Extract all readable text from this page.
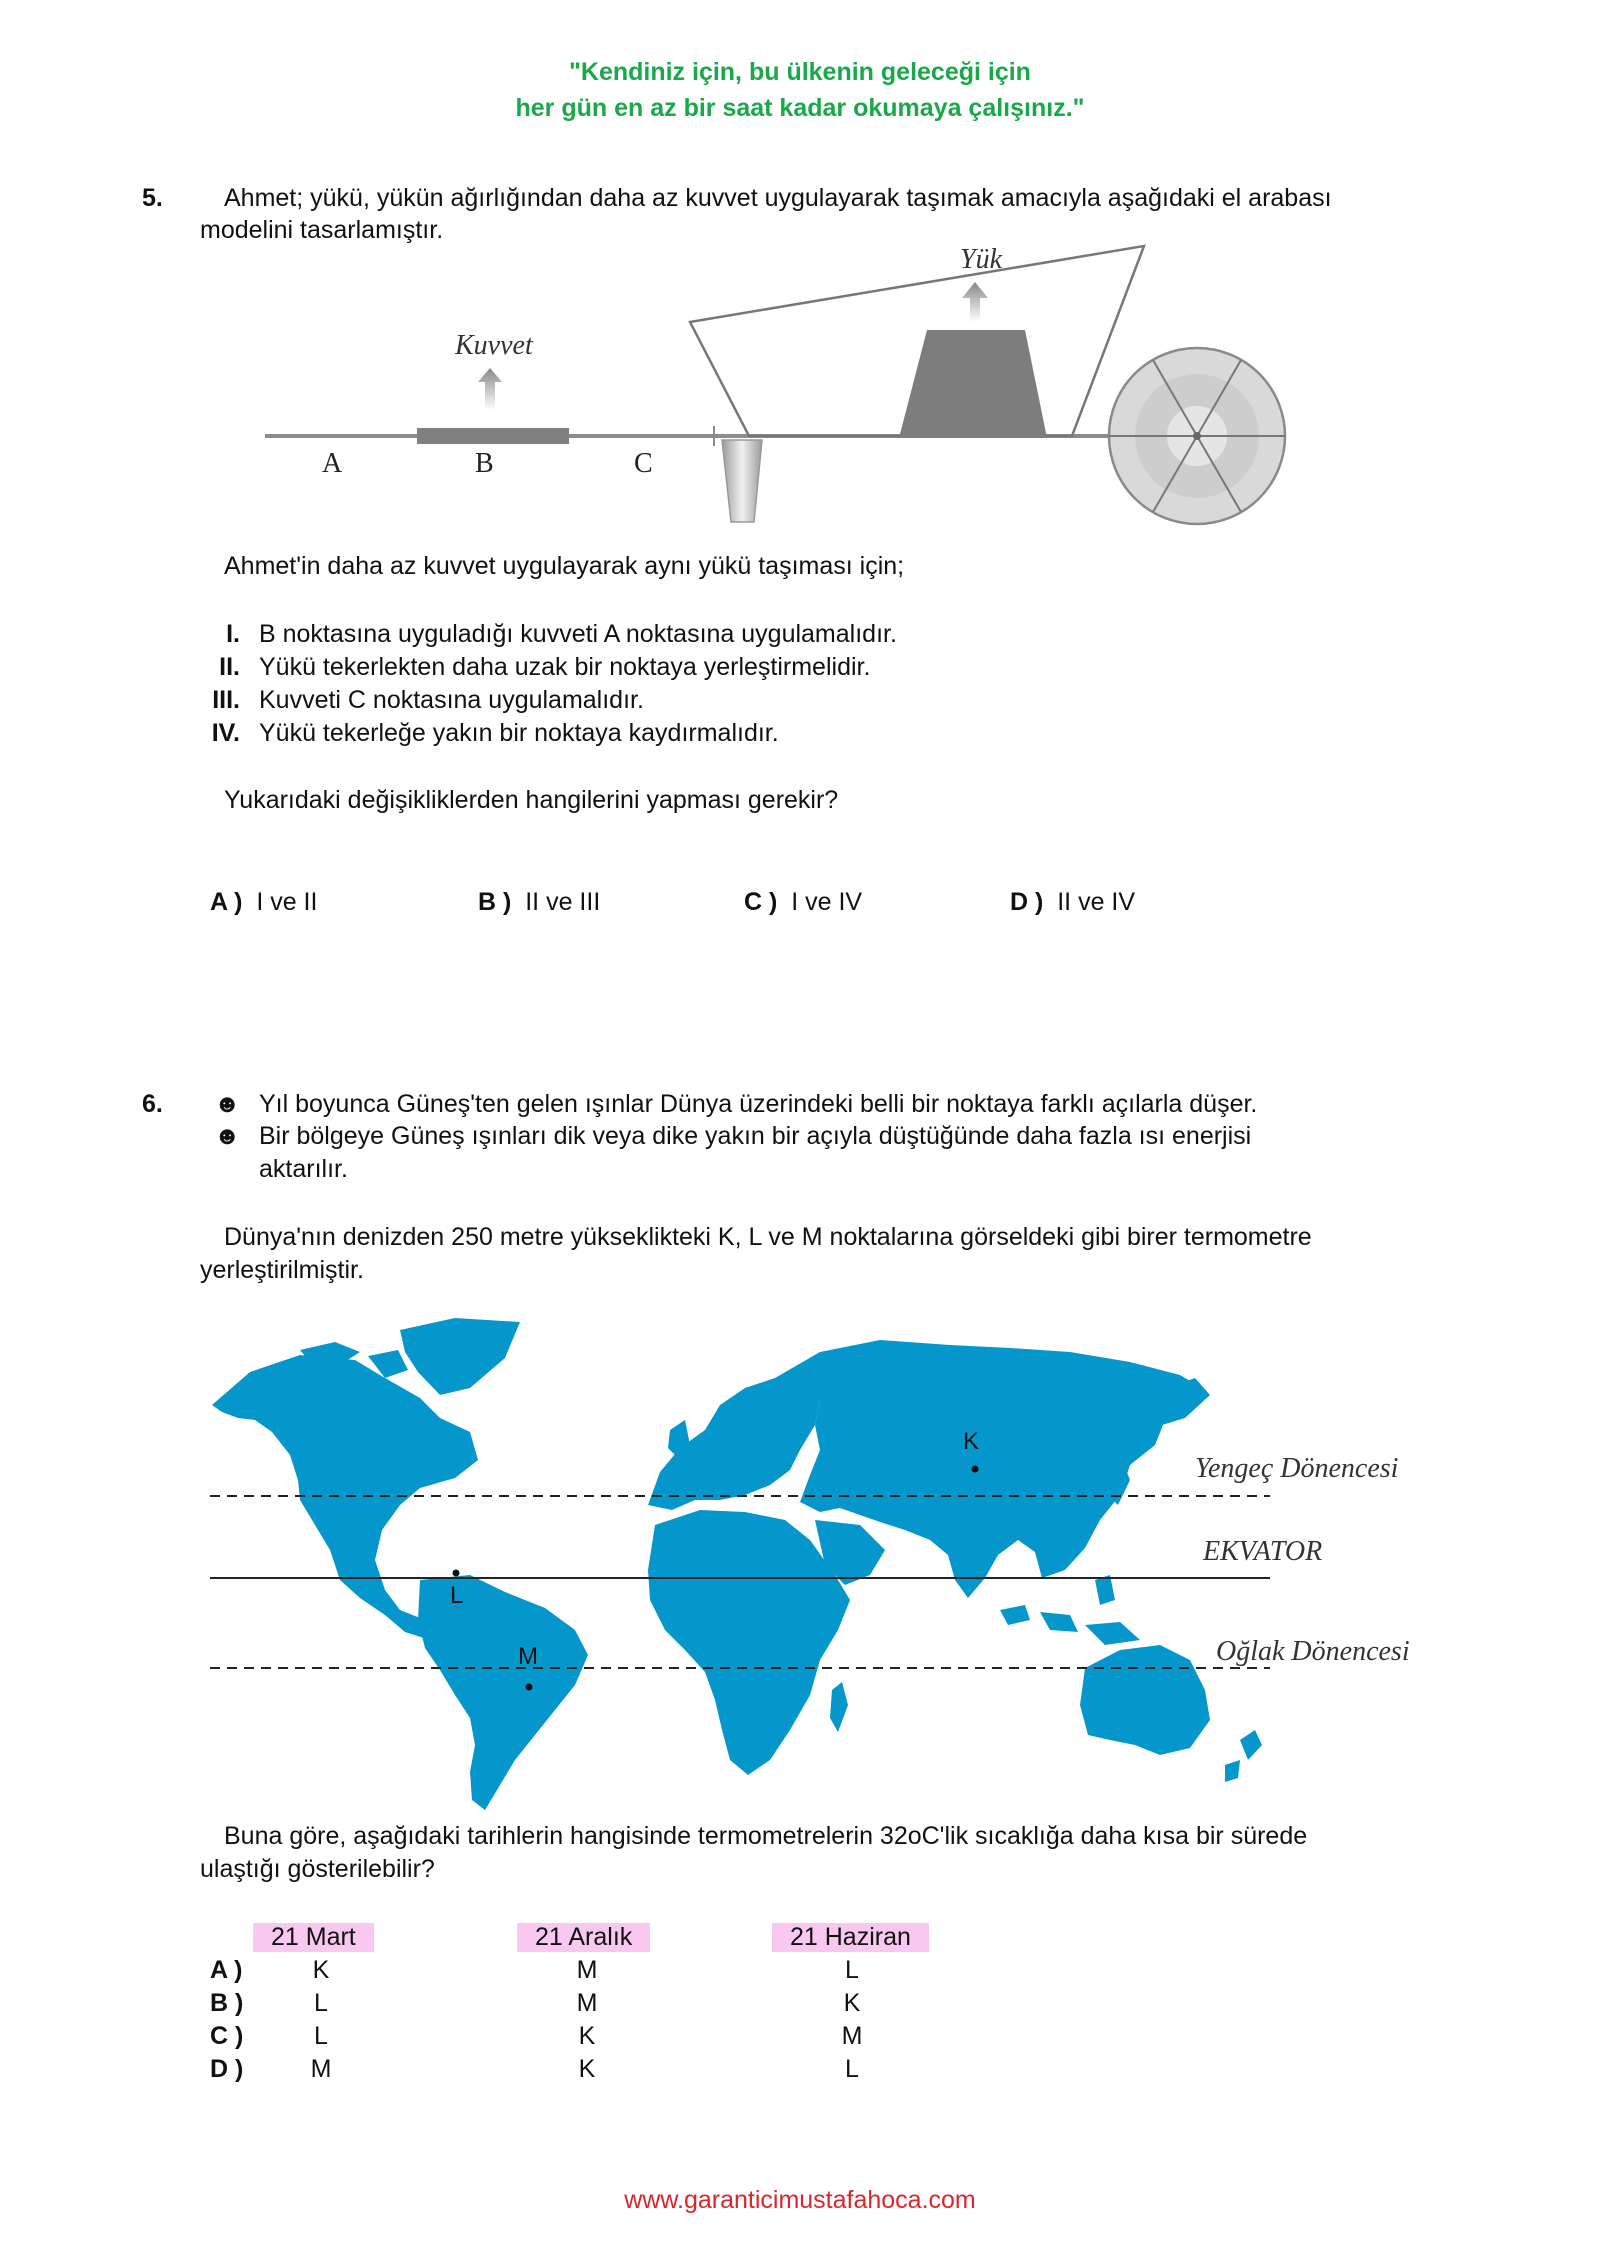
"Kendiniz için, bu ülkenin geleceği için
her gün en az bir saat kadar okumaya çalışınız."
5. Ahmet; yükü, yükün ağırlığından daha az kuvvet uygulayarak taşımak amacıyla aşağıdaki el arabası
modelini tasarlamıştır.
Kuvvet
Yük
A	B	C
Ahmet'in daha az kuvvet uygulayarak aynı yükü taşıması için;
I. B noktasına uyguladığı kuvveti A noktasına uygulamalıdır.
II. Yükü tekerlekten daha uzak bir noktaya yerleştirmelidir.
III. Kuvveti C noktasına uygulamalıdır.
IV. Yükü tekerleğe yakın bir noktaya kaydırmalıdır.
Yukarıdaki değişikliklerden hangilerini yapması gerekir?
A ) I ve II	B ) II ve III	C ) I ve IV	D ) II ve IV
6. ☻ Yıl boyunca Güneş'ten gelen ışınlar Dünya üzerindeki belli bir noktaya farklı açılarla düşer.
☻ Bir bölgeye Güneş ışınları dik veya dike yakın bir açıyla düştüğünde daha fazla ısı enerjisi
aktarılır.
Dünya'nın denizden 250 metre yükseklikteki K, L ve M noktalarına görseldeki gibi birer termometre
yerleştirilmiştir.
K
L
M
Yengeç Dönencesi
EKVATOR
Oğlak Dönencesi
Buna göre, aşağıdaki tarihlerin hangisinde termometrelerin 32oC'lik sıcaklığa daha kısa bir sürede
ulaştığı gösterilebilir?
21 Mart	21 Aralık	21 Haziran
A )	K	M	L
B )	L	M	K
C )	L	K	M
D )	M	K	L
www.garanticimustafahoca.com
